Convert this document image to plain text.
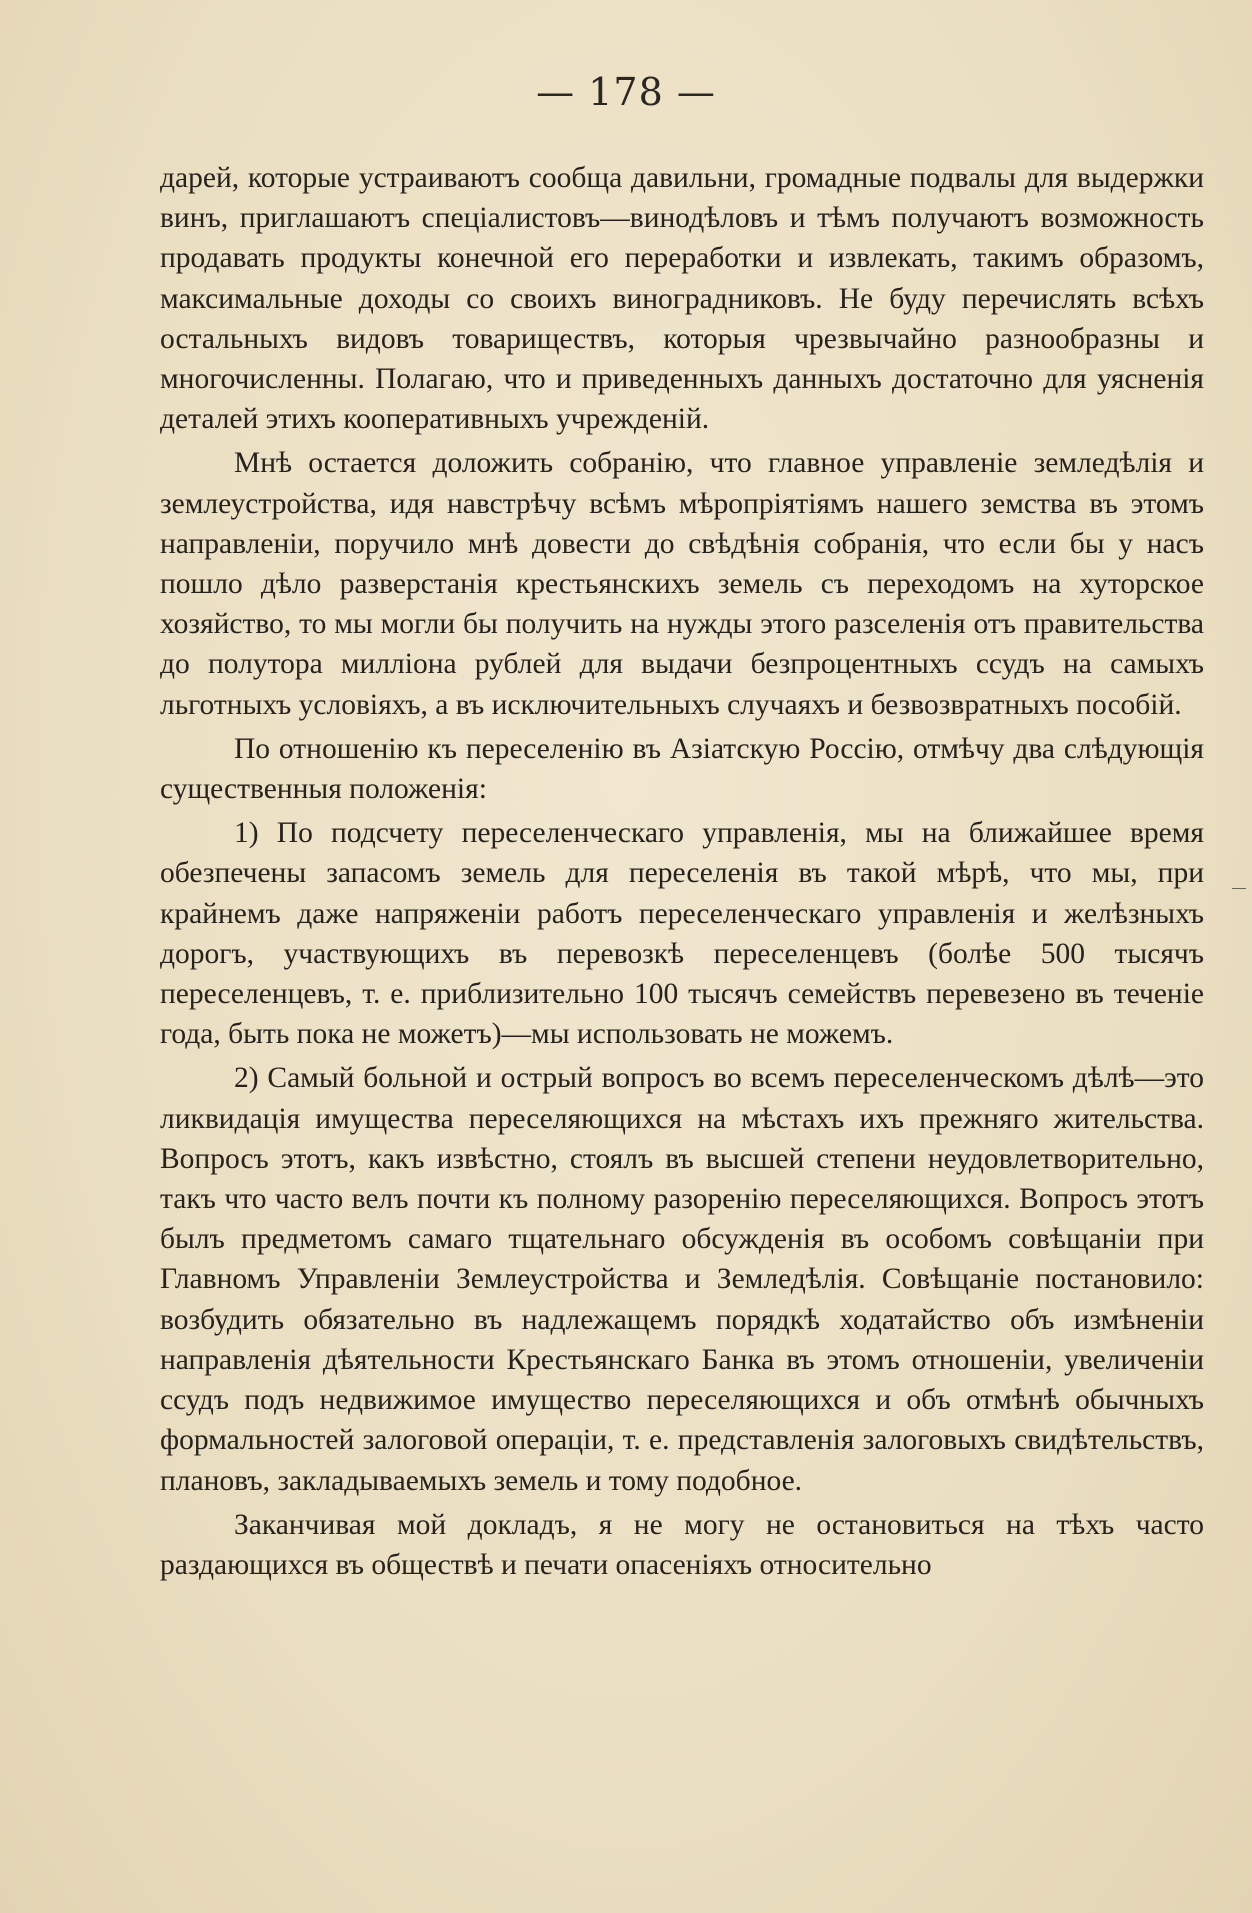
— 178 —

дарей, которые устраиваютъ сообща давильни, громадные подвалы для выдержки винъ, приглашаютъ спеціалистовъ—винодѣловъ и тѣмъ получаютъ возможность продавать продукты конечной его переработки и извлекать, такимъ образомъ, максимальные доходы со своихъ виноградниковъ. Не буду перечислять всѣхъ остальныхъ видовъ товариществъ, которыя чрезвычайно разнообразны и многочисленны. Полагаю, что и приведенныхъ данныхъ достаточно для уясненія деталей этихъ кооперативныхъ учрежденій.

Мнѣ остается доложить собранію, что главное управленіе земледѣлія и землеустройства, идя навстрѣчу всѣмъ мѣропріятіямъ нашего земства въ этомъ направленіи, поручило мнѣ довести до свѣдѣнія собранія, что если бы у насъ пошло дѣло разверстанія крестьянскихъ земель съ переходомъ на хуторское хозяйство, то мы могли бы получить на нужды этого разселенія отъ правительства до полутора милліона рублей для выдачи безпроцентныхъ ссудъ на самыхъ льготныхъ условіяхъ, а въ исключительныхъ случаяхъ и безвозвратныхъ пособій.

По отношенію къ переселенію въ Азіатскую Россію, отмѣчу два слѣдующія существенныя положенія:

1) По подсчету переселенческаго управленія, мы на ближайшее время обезпечены запасомъ земель для переселенія въ такой мѣрѣ, что мы, при крайнемъ даже напряженіи работъ переселенческаго управленія и желѣзныхъ дорогъ, участвующихъ въ перевозкѣ переселенцевъ (болѣе 500 тысячъ переселенцевъ, т. е. приблизительно 100 тысячъ семействъ перевезено въ теченіе года, быть пока не можетъ)—мы использовать не можемъ.

2) Самый больной и острый вопросъ во всемъ переселенческомъ дѣлѣ—это ликвидація имущества переселяющихся на мѣстахъ ихъ прежняго жительства. Вопросъ этотъ, какъ извѣстно, стоялъ въ высшей степени неудовлетворительно, такъ что часто велъ почти къ полному разоренію переселяющихся. Вопросъ этотъ былъ предметомъ самаго тщательнаго обсужденія въ особомъ совѣщаніи при Главномъ Управленіи Землеустройства и Земледѣлія. Совѣщаніе постановило: возбудить обязательно въ надлежащемъ порядкѣ ходатайство объ измѣненіи направленія дѣятельности Крестьянскаго Банка въ этомъ отношеніи, увеличеніи ссудъ подъ недвижимое имущество переселяющихся и объ отмѣнѣ обычныхъ формальностей залоговой операціи, т. е. представленія залоговыхъ свидѣтельствъ, плановъ, закладываемыхъ земель и тому подобное.

Заканчивая мой докладъ, я не могу не остановиться на тѣхъ часто раздающихся въ обществѣ и печати опасеніяхъ относительно
